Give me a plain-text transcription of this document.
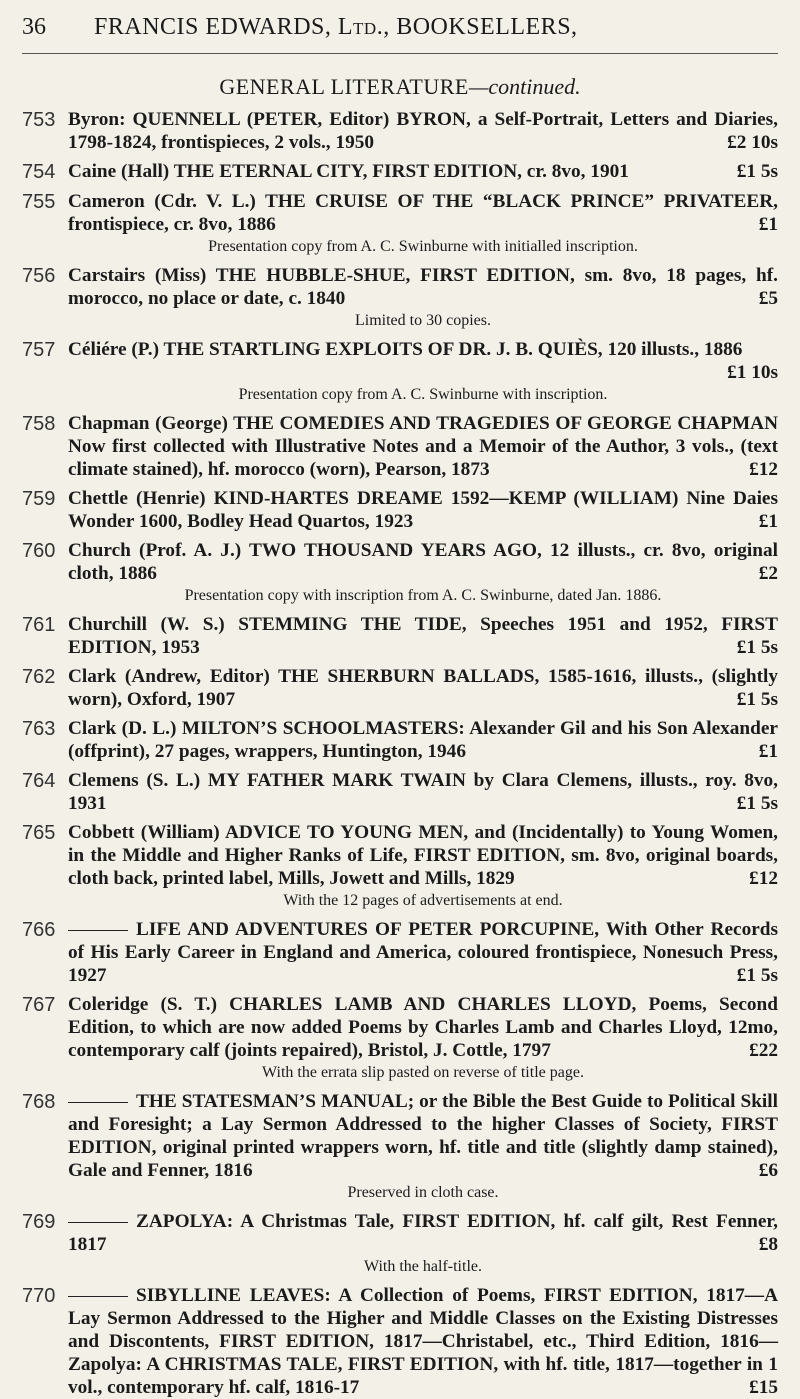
36	FRANCIS EDWARDS, Ltd., BOOKSELLERS,
GENERAL LITERATURE—continued.
753 Byron: QUENNELL (PETER, Editor) BYRON, a Self-Portrait, Letters and Diaries, 1798-1824, frontispieces, 2 vols., 1950	£2 10s
754 Caine (Hall) THE ETERNAL CITY, FIRST EDITION, cr. 8vo, 1901	£1 5s
755 Cameron (Cdr. V. L.) THE CRUISE OF THE “BLACK PRINCE” PRIVATEER, frontispiece, cr. 8vo, 1886	£1
Presentation copy from A. C. Swinburne with initialled inscription.
756 Carstairs (Miss) THE HUBBLE-SHUE, FIRST EDITION, sm. 8vo, 18 pages, hf. morocco, no place or date, c. 1840	£5
Limited to 30 copies.
757 Céliére (P.) THE STARTLING EXPLOITS OF DR. J. B. QUIÈS, 120 illusts., 1886
£1 10s
Presentation copy from A. C. Swinburne with inscription.
758 Chapman (George) THE COMEDIES AND TRAGEDIES OF GEORGE CHAPMAN Now first collected with Illustrative Notes and a Memoir of the Author, 3 vols., (text climate stained), hf. morocco (worn), Pearson, 1873	£12
759 Chettle (Henrie) KIND-HARTES DREAME 1592—KEMP (WILLIAM) Nine Daies Wonder 1600, Bodley Head Quartos, 1923	£1
760 Church (Prof. A. J.) TWO THOUSAND YEARS AGO, 12 illusts., cr. 8vo, original cloth, 1886	£2
Presentation copy with inscription from A. C. Swinburne, dated Jan. 1886.
761 Churchill (W. S.) STEMMING THE TIDE, Speeches 1951 and 1952, FIRST EDITION, 1953	£1 5s
762 Clark (Andrew, Editor) THE SHERBURN BALLADS, 1585-1616, illusts., (slightly worn), Oxford, 1907	£1 5s
763 Clark (D. L.) MILTON’S SCHOOLMASTERS: Alexander Gil and his Son Alexander (offprint), 27 pages, wrappers, Huntington, 1946	£1
764 Clemens (S. L.) MY FATHER MARK TWAIN by Clara Clemens, illusts., roy. 8vo, 1931	£1 5s
765 Cobbett (William) ADVICE TO YOUNG MEN, and (Incidentally) to Young Women, in the Middle and Higher Ranks of Life, FIRST EDITION, sm. 8vo, original boards, cloth back, printed label, Mills, Jowett and Mills, 1829	£12
With the 12 pages of advertisements at end.
766	LIFE AND ADVENTURES OF PETER PORCUPINE, With Other Records of His Early Career in England and America, coloured frontispiece, Nonesuch Press, 1927	£1 5s
767 Coleridge (S. T.) CHARLES LAMB AND CHARLES LLOYD, Poems, Second Edition, to which are now added Poems by Charles Lamb and Charles Lloyd, 12mo, contemporary calf (joints repaired), Bristol, J. Cottle, 1797	£22
With the errata slip pasted on reverse of title page.
768	THE STATESMAN’S MANUAL; or the Bible the Best Guide to Political Skill and Foresight; a Lay Sermon Addressed to the higher Classes of Society, FIRST EDITION, original printed wrappers worn, hf. title and title (slightly damp stained), Gale and Fenner, 1816	£6
Preserved in cloth case.
769	ZAPOLYA: A Christmas Tale, FIRST EDITION, hf. calf gilt, Rest Fenner, 1817	£8
With the half-title.
770	SIBYLLINE LEAVES: A Collection of Poems, FIRST EDITION, 1817—A Lay Sermon Addressed to the Higher and Middle Classes on the Existing Distresses and Discontents, FIRST EDITION, 1817—Christabel, etc., Third Edition, 1816—Zapolya: A CHRISTMAS TALE, FIRST EDITION, with hf. title, 1817—together in 1 vol., contemporary hf. calf, 1816-17	£15
